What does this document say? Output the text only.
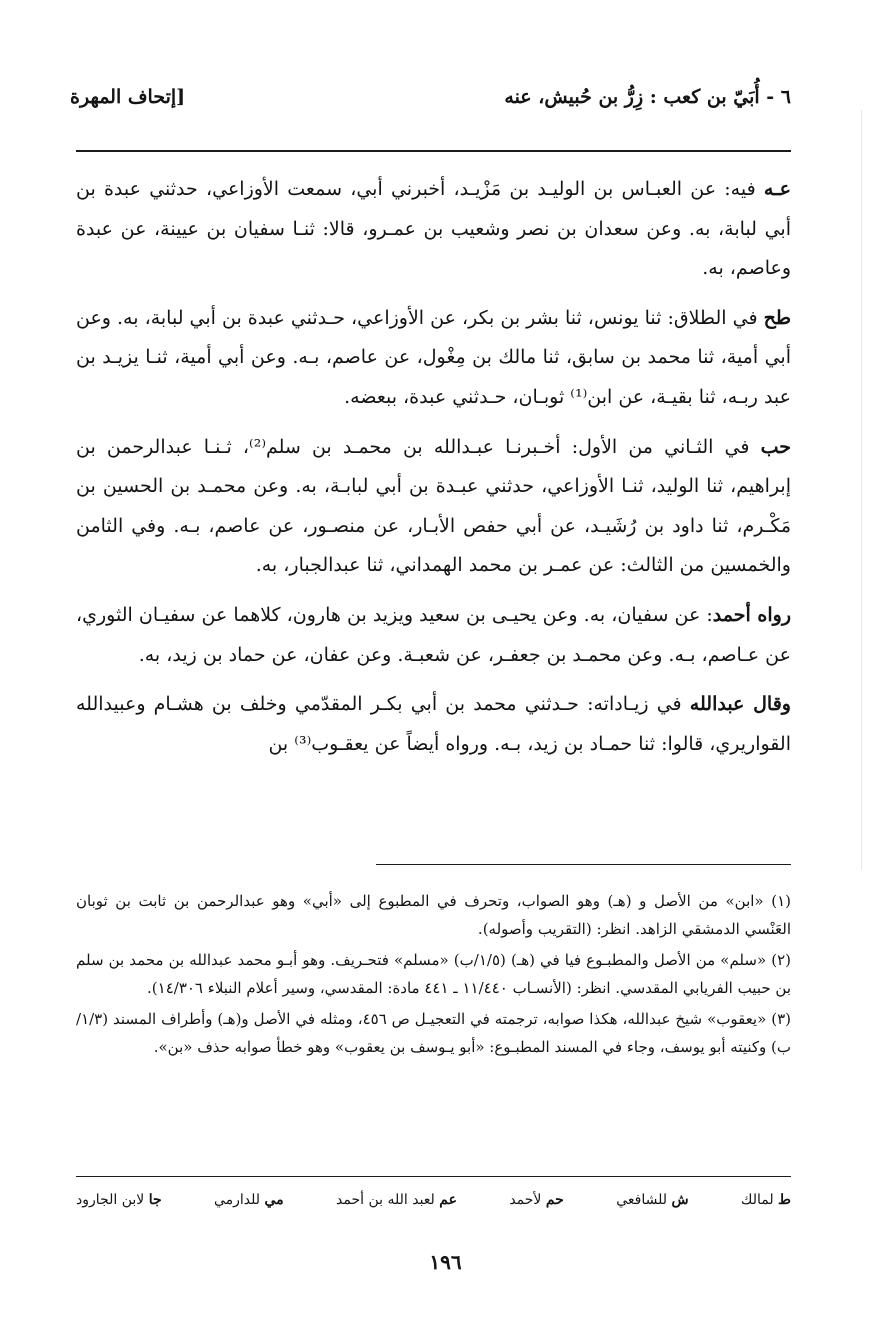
٦ - أُبَيّ بن كعب : زِرُّ بن حُبيش، عنه
[إتحاف المهرة

عـه فيه: عن العبـاس بن الوليـد بن مَزْيـد، أخبرني أبي، سمعت الأوزاعي، حدثني عبدة بن أبي لبابة، به. وعن سعدان بن نصر وشعيب بن عمـرو، قالا: ثنـا سفيان بن عيينة، عن عبدة وعاصم، به.

طح في الطلاق: ثنا يونس، ثنا بشر بن بكر، عن الأوزاعي، حـدثني عبدة بن أبي لبابة، به. وعن أبي أمية، ثنا محمد بن سابق، ثنا مالك بن مِغْول، عن عاصم، بـه. وعن أبي أمية، ثنـا يزيـد بن عبد ربـه، ثنا بقيـة، عن ابن⁽¹⁾ ثوبـان، حـدثني عبدة، ببعضه.

حب في الثـاني من الأول: أخـبرنـا عبـدالله بن محمـد بن سلم⁽²⁾، ثـنـا عبدالرحمن بن إبراهيم، ثنا الوليد، ثنـا الأوزاعي، حدثني عبـدة بن أبي لبابـة، به. وعن محمـد بن الحسين بن مَكْـرم، ثنا داود بن رُشَيـد، عن أبي حفص الأبـار، عن منصـور، عن عاصم، بـه. وفي الثامن والخمسين من الثالث: عن عمـر بن محمد الهمداني، ثنا عبدالجبار، به.

رواه أحمد: عن سفيان، به. وعن يحيـى بن سعيد ويزيد بن هارون، كلاهما عن سفيـان الثوري، عن عـاصم، بـه. وعن محمـد بن جعفـر، عن شعبـة. وعن عفان، عن حماد بن زيد، به.

وقال عبدالله في زيـاداته: حـدثني محمد بن أبي بكـر المقدّمي وخلف بن هشـام وعبيدالله القواريري، قالوا: ثنا حمـاد بن زيد، بـه. ورواه أيضاً عن يعقـوب⁽³⁾ بن

(١) «ابن» من الأصل و (هـ) وهو الصواب، وتحرف في المطبوع إلى «أبي» وهو عبدالرحمن بن ثابت بن ثوبان العَنْسي الدمشقي الزاهد. انظر: (التقريب وأصوله).

(٢) «سلم» من الأصل والمطبـوع فيا في (هـ) (١/٥/ب) «مسلم» فتحـريف. وهو أبـو محمد عبدالله بن محمد بن سلم بن حبيب الفريابي المقدسي. انظر: (الأنسـاب ١١/٤٤٠ ـ ٤٤١ مادة: المقدسي، وسير أعلام النبلاء ١٤/٣٠٦).

(٣) «يعقوب» شيخ عبدالله، هكذا صوابه، ترجمته في التعجيـل ص ٤٥٦، ومثله في الأصل و(هـ) وأطراف المسند (١/٣/ب) وكنيته أبو يوسف، وجاء في المسند المطبـوع: «أبو يـوسف بن يعقوب» وهو خطأ صوابه حذف «بن».

ط لمالك
ش للشافعي
حم لأحمد
عم لعبد الله بن أحمد
مي للدارمي
جا لابن الجارود
١٩٦
